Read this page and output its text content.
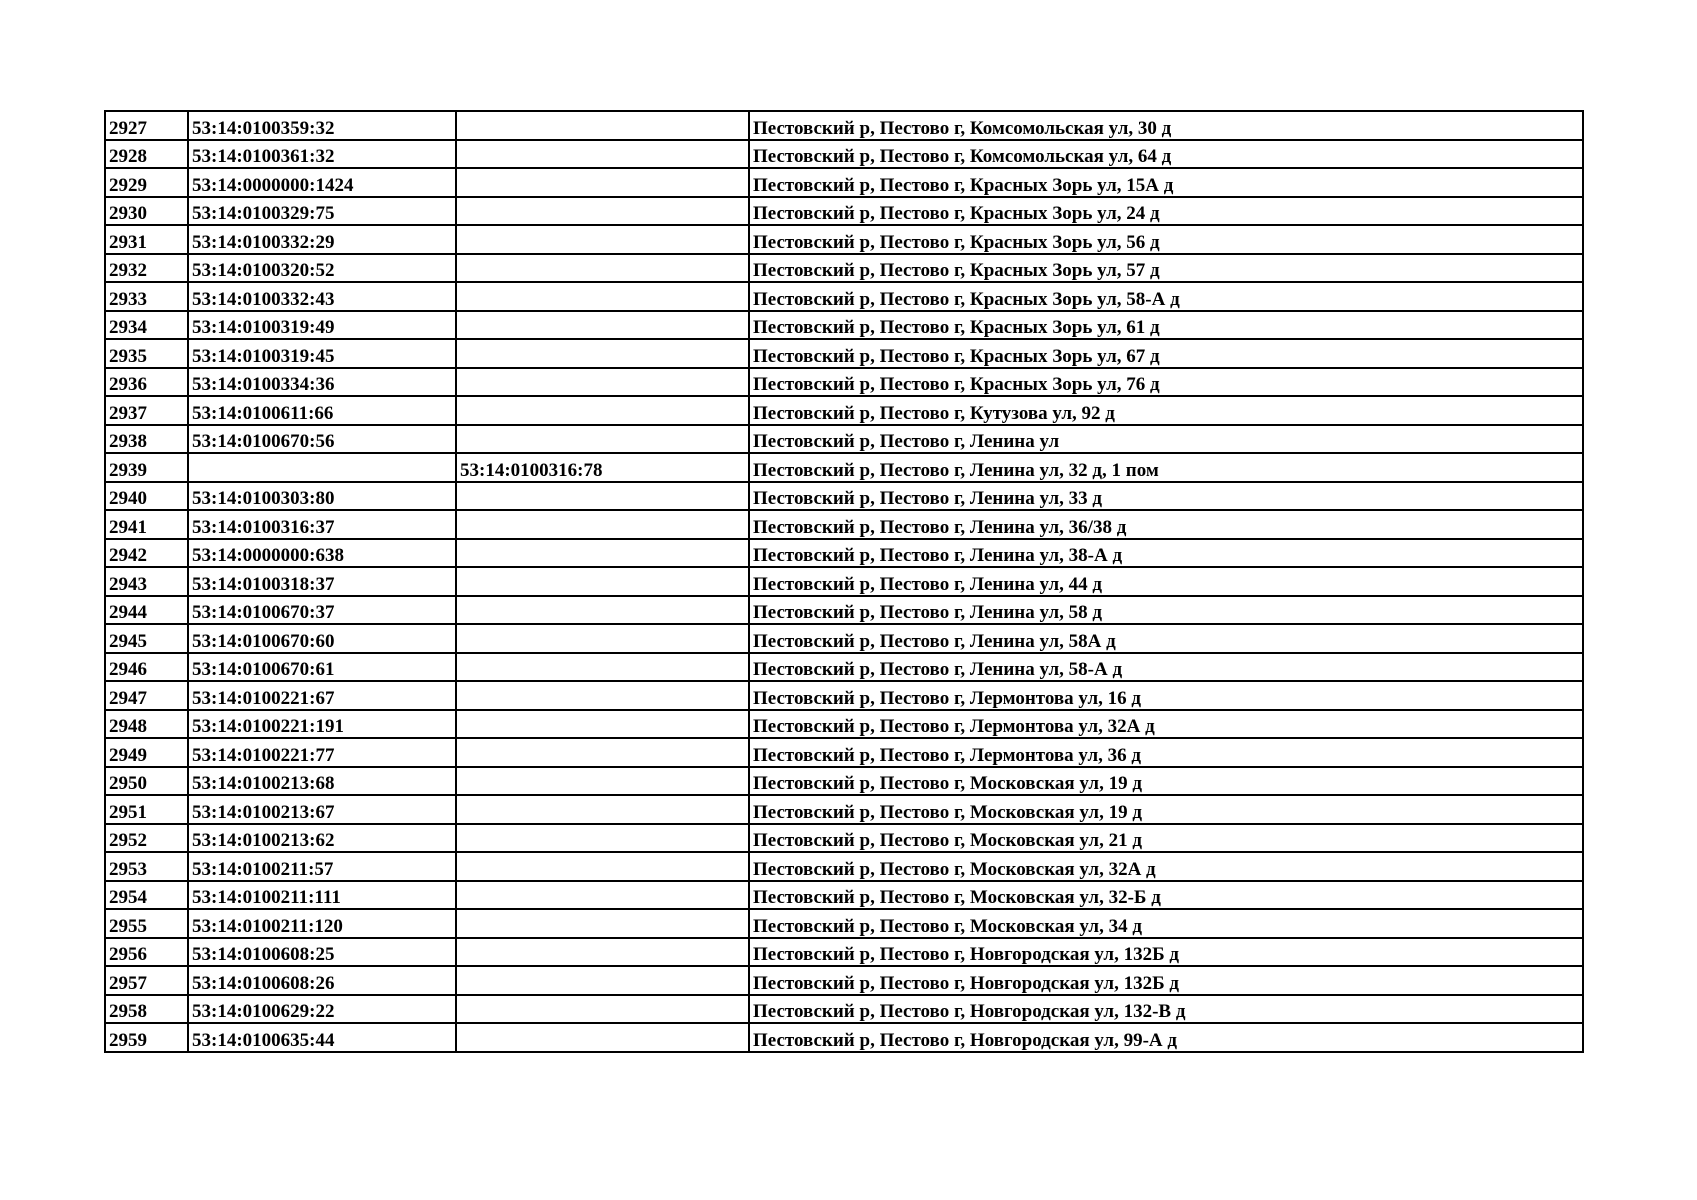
2927	53:14:0100359:32		Пестовский р, Пестово г, Комсомольская ул, 30 д
2928	53:14:0100361:32		Пестовский р, Пестово г, Комсомольская ул, 64 д
2929	53:14:0000000:1424		Пестовский р, Пестово г, Красных Зорь ул, 15А д
2930	53:14:0100329:75		Пестовский р, Пестово г, Красных Зорь ул, 24 д
2931	53:14:0100332:29		Пестовский р, Пестово г, Красных Зорь ул, 56 д
2932	53:14:0100320:52		Пестовский р, Пестово г, Красных Зорь ул, 57 д
2933	53:14:0100332:43		Пестовский р, Пестово г, Красных Зорь ул, 58-А д
2934	53:14:0100319:49		Пестовский р, Пестово г, Красных Зорь ул, 61 д
2935	53:14:0100319:45		Пестовский р, Пестово г, Красных Зорь ул, 67 д
2936	53:14:0100334:36		Пестовский р, Пестово г, Красных Зорь ул, 76 д
2937	53:14:0100611:66		Пестовский р, Пестово г, Кутузова ул, 92 д
2938	53:14:0100670:56		Пестовский р, Пестово г, Ленина ул
2939		53:14:0100316:78	Пестовский р, Пестово г, Ленина ул, 32 д, 1 пом
2940	53:14:0100303:80		Пестовский р, Пестово г, Ленина ул, 33 д
2941	53:14:0100316:37		Пестовский р, Пестово г, Ленина ул, 36/38 д
2942	53:14:0000000:638		Пестовский р, Пестово г, Ленина ул, 38-А д
2943	53:14:0100318:37		Пестовский р, Пестово г, Ленина ул, 44 д
2944	53:14:0100670:37		Пестовский р, Пестово г, Ленина ул, 58 д
2945	53:14:0100670:60		Пестовский р, Пестово г, Ленина ул, 58А д
2946	53:14:0100670:61		Пестовский р, Пестово г, Ленина ул, 58-А д
2947	53:14:0100221:67		Пестовский р, Пестово г, Лермонтова ул, 16 д
2948	53:14:0100221:191		Пестовский р, Пестово г, Лермонтова ул, 32А д
2949	53:14:0100221:77		Пестовский р, Пестово г, Лермонтова ул, 36 д
2950	53:14:0100213:68		Пестовский р, Пестово г, Московская ул, 19 д
2951	53:14:0100213:67		Пестовский р, Пестово г, Московская ул, 19 д
2952	53:14:0100213:62		Пестовский р, Пестово г, Московская ул, 21 д
2953	53:14:0100211:57		Пестовский р, Пестово г, Московская ул, 32А д
2954	53:14:0100211:111		Пестовский р, Пестово г, Московская ул, 32-Б д
2955	53:14:0100211:120		Пестовский р, Пестово г, Московская ул, 34 д
2956	53:14:0100608:25		Пестовский р, Пестово г, Новгородская ул, 132Б д
2957	53:14:0100608:26		Пестовский р, Пестово г, Новгородская ул, 132Б д
2958	53:14:0100629:22		Пестовский р, Пестово г, Новгородская ул, 132-В д
2959	53:14:0100635:44		Пестовский р, Пестово г, Новгородская ул, 99-А д
